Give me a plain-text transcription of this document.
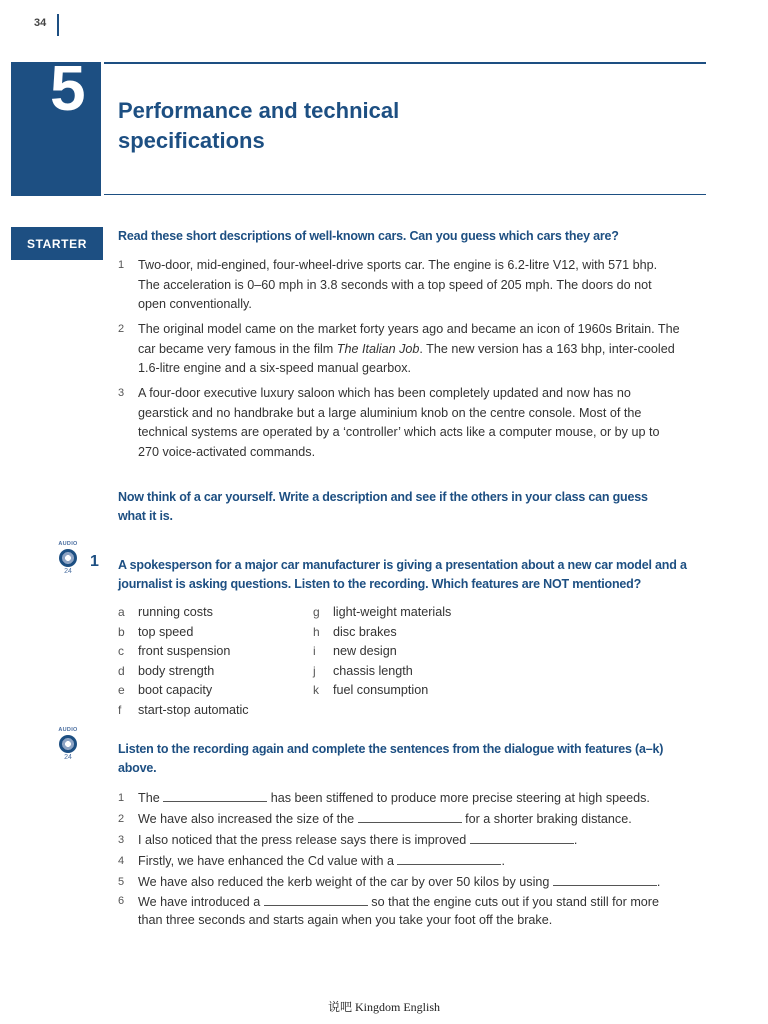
34
5 Performance and technical
specifications
STARTER
Read these short descriptions of well-known cars. Can you guess which cars they are?
1 Two-door, mid-engined, four-wheel-drive sports car. The engine is 6.2-litre V12, with 571 bhp.
The acceleration is 0–60 mph in 3.8 seconds with a top speed of 205 mph. The doors do not
open conventionally.
2 The original model came on the market forty years ago and became an icon of 1960s Britain. The
car became very famous in the film The Italian Job. The new version has a 163 bhp, inter-cooled
1.6-litre engine and a six-speed manual gearbox.
3 A four-door executive luxury saloon which has been completely updated and now has no
gearstick and no handbrake but a large aluminium knob on the centre console. Most of the
technical systems are operated by a ‘controller’ which acts like a computer mouse, or by up to
270 voice-activated commands.
Now think of a car yourself. Write a description and see if the others in your class can guess
what it is.
AUDIO
24
1 A spokesperson for a major car manufacturer is giving a presentation about a new car model and a
journalist is asking questions. Listen to the recording. Which features are NOT mentioned?
a running costs
b top speed
c front suspension
d body strength
e boot capacity
f start-stop automatic
g light-weight materials
h disc brakes
i new design
j chassis length
k fuel consumption
AUDIO
24
Listen to the recording again and complete the sentences from the dialogue with features (a–k)
above.
1 The	has been stiffened to produce more precise steering at high speeds.
2 We have also increased the size of the	for a shorter braking distance.
3 I also noticed that the press release says there is improved	.
4 Firstly, we have enhanced the Cd value with a	.
5 We have also reduced the kerb weight of the car by over 50 kilos by using	.
6 We have introduced a	so that the engine cuts out if you stand still for more
than three seconds and starts again when you take your foot off the brake.
说吧 Kingdom English
